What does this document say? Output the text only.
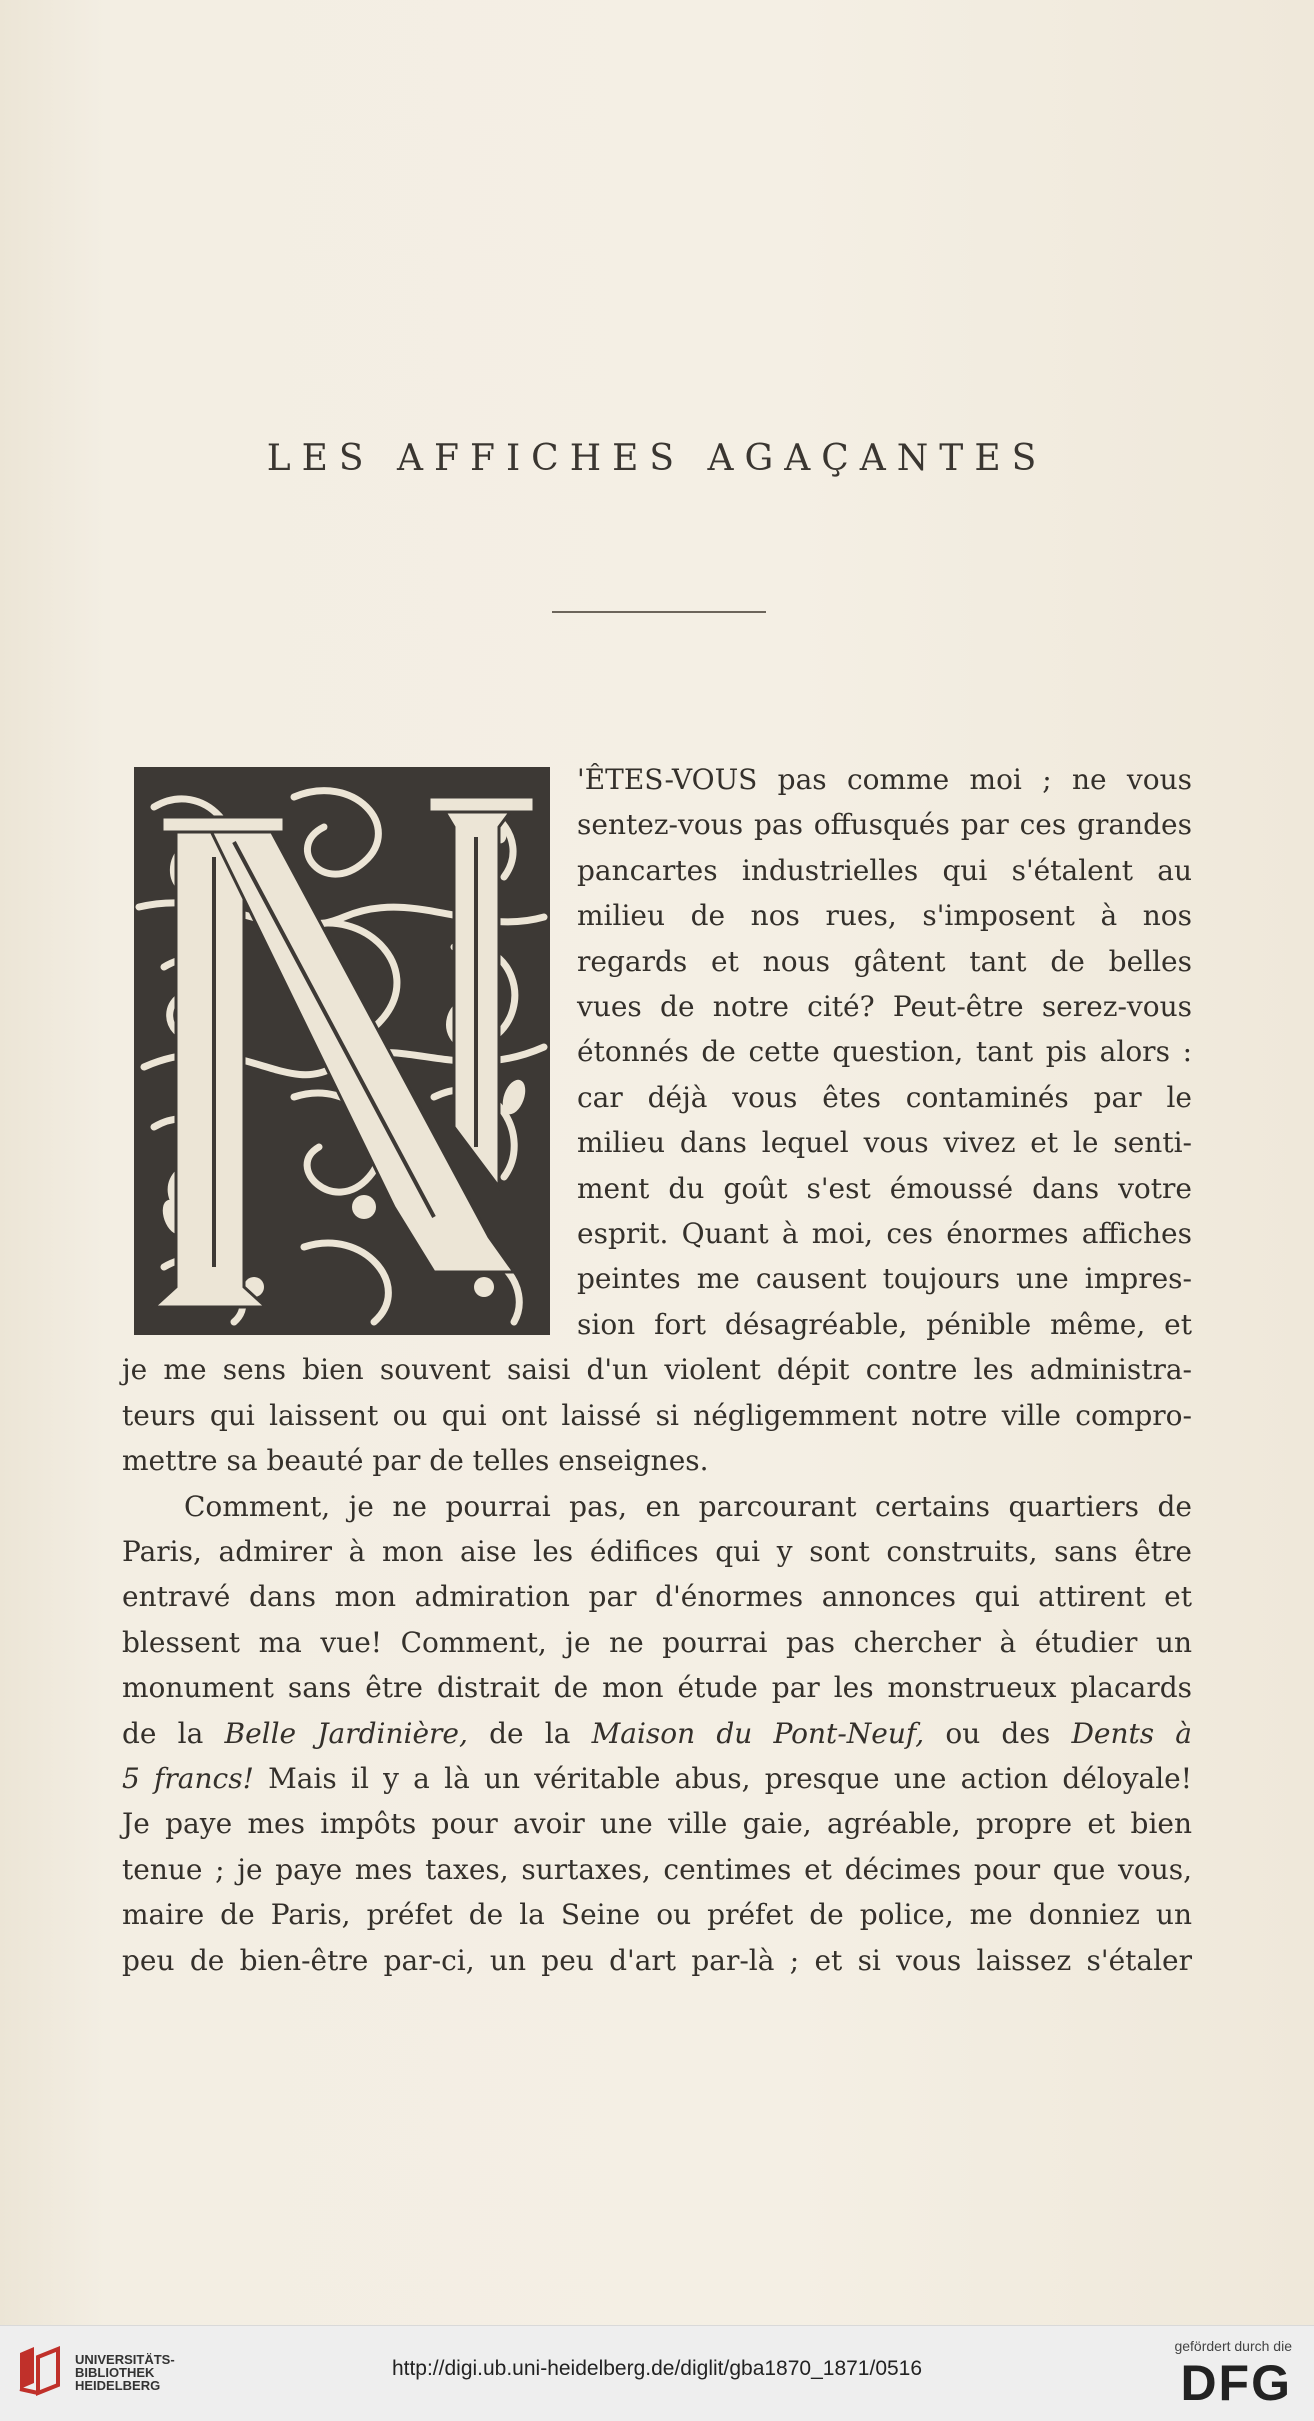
LES AFFICHES AGAÇANTES
'ÊTES-VOUS pas comme moi ; ne vous
sentez-vous pas offusqués par ces grandes
pancartes industrielles qui s'étalent au
milieu de nos rues, s'imposent à nos
regards et nous gâtent tant de belles
vues de notre cité? Peut-être serez-vous
étonnés de cette question, tant pis alors :
car déjà vous êtes contaminés par le
milieu dans lequel vous vivez et le senti-
ment du goût s'est émoussé dans votre
esprit. Quant à moi, ces énormes affiches
peintes me causent toujours une impres-
sion fort désagréable, pénible même, et
je me sens bien souvent saisi d'un violent dépit contre les administra-
teurs qui laissent ou qui ont laissé si négligemment notre ville compro-
mettre sa beauté par de telles enseignes.
Comment, je ne pourrai pas, en parcourant certains quartiers de
Paris, admirer à mon aise les édifices qui y sont construits, sans être
entravé dans mon admiration par d'énormes annonces qui attirent et
blessent ma vue! Comment, je ne pourrai pas chercher à étudier un
monument sans être distrait de mon étude par les monstrueux placards
de la Belle Jardinière, de la Maison du Pont-Neuf, ou des Dents à
5 francs! Mais il y a là un véritable abus, presque une action déloyale!
Je paye mes impôts pour avoir une ville gaie, agréable, propre et bien
tenue ; je paye mes taxes, surtaxes, centimes et décimes pour que vous,
maire de Paris, préfet de la Seine ou préfet de police, me donniez un
peu de bien-être par-ci, un peu d'art par-là ; et si vous laissez s'étaler
UNIVERSITÄTS-
BIBLIOTHEK
HEIDELBERG
http://digi.ub.uni-heidelberg.de/diglit/gba1870_1871/0516
gefördert durch die
DFG
